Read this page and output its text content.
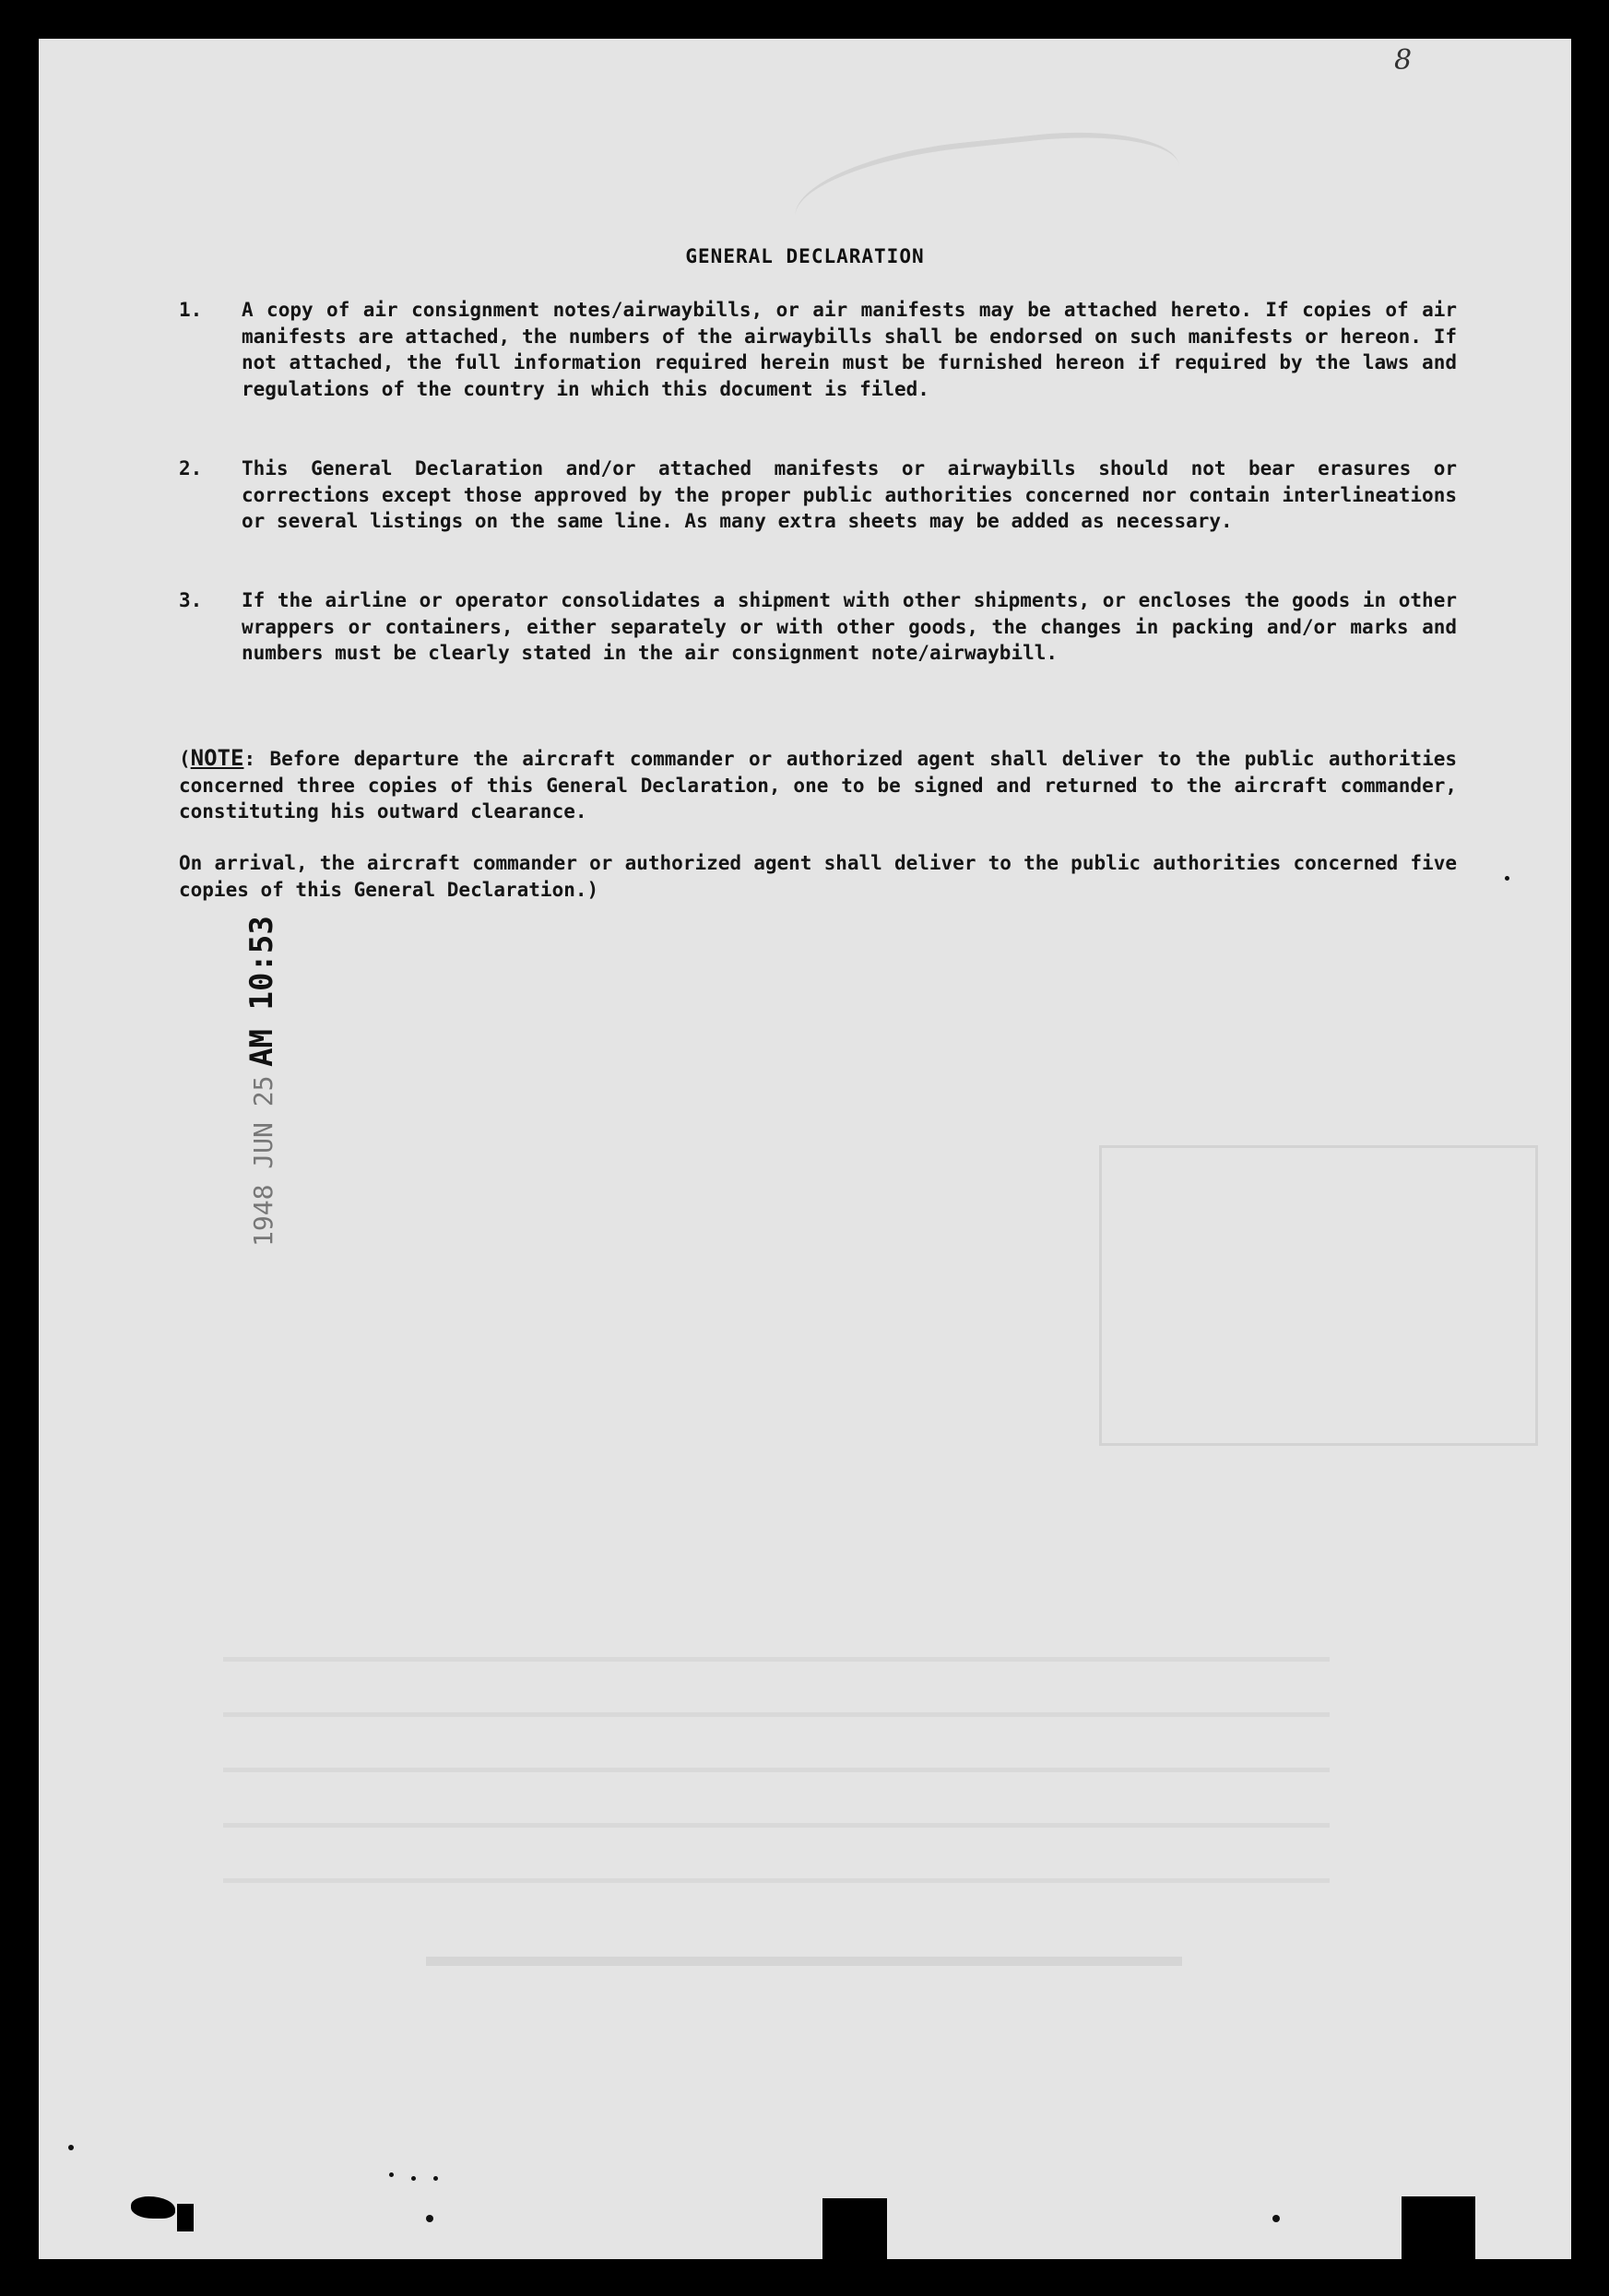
8
GENERAL DECLARATION
1.	A copy of air consignment notes/airwaybills, or air manifests may be attached hereto. If copies of air manifests are attached, the numbers of the airwaybills shall be endorsed on such manifests or hereon. If not attached, the full information required herein must be furnished hereon if required by the laws and regulations of the country in which this document is filed.
2.	This General Declaration and/or attached manifests or airwaybills should not bear erasures or corrections except those approved by the proper public authorities concerned nor contain interlineations or several listings on the same line. As many extra sheets may be added as necessary.
3.	If the airline or operator consolidates a shipment with other shipments, or encloses the goods in other wrappers or containers, either separately or with other goods, the changes in packing and/or marks and numbers must be clearly stated in the air consignment note/airwaybill.
(NOTE: Before departure the aircraft commander or authorized agent shall deliver to the public authorities concerned three copies of this General Declaration, one to be signed and returned to the aircraft commander, constituting his outward clearance.
On arrival, the aircraft commander or authorized agent shall deliver to the public authorities concerned five copies of this General Declaration.)
1948 JUN 25 AM 10:53
